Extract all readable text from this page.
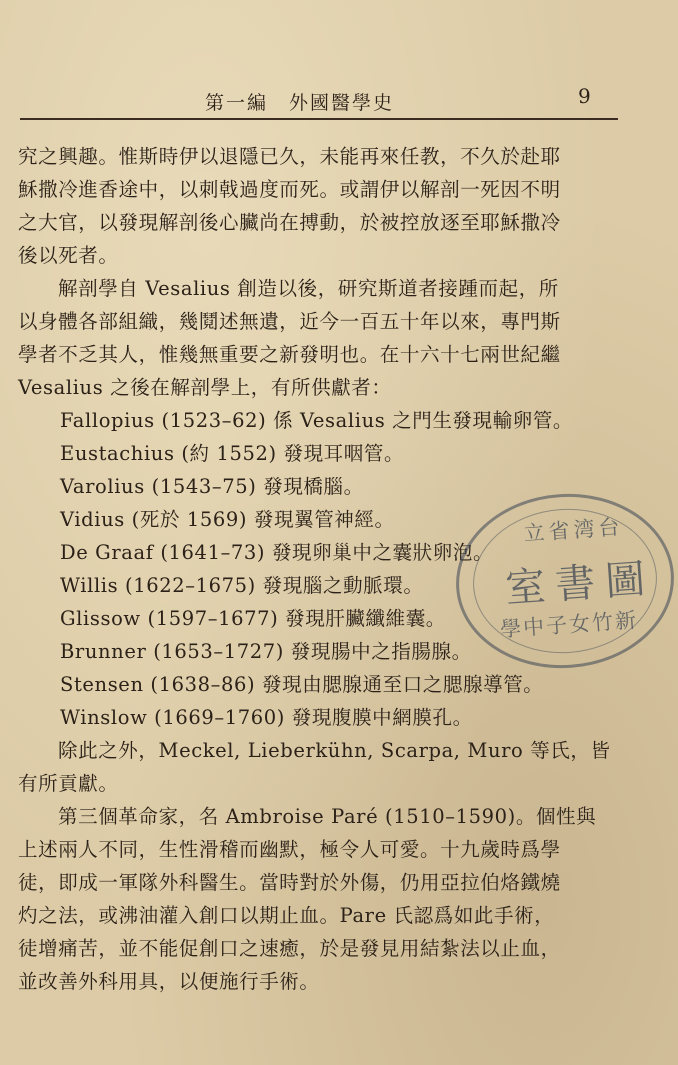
第一編　外國醫學史	9
究之興趣。惟斯時伊以退隱已久，未能再來任教，不久於赴耶
穌撒冷進香途中，以刺戟過度而死。或謂伊以解剖一死因不明
之大官，以發現解剖後心臟尚在搏動，於被控放逐至耶穌撒冷
後以死者。
解剖學自 Vesalius 創造以後，研究斯道者接踵而起，所
以身體各部組織，幾鬩述無遺，近今一百五十年以來，專門斯
學者不乏其人，惟幾無重要之新發明也。在十六十七兩世紀繼
Vesalius 之後在解剖學上，有所供獻者：
Fallopius (1523–62) 係 Vesalius 之門生發現輸卵管。
Eustachius (約 1552) 發現耳咽管。
Varolius (1543–75) 發現橋腦。
Vidius (死於 1569) 發現翼管神經。
De Graaf (1641–73) 發現卵巢中之囊狀卵泡。
Willis (1622–1675) 發現腦之動脈環。
Glissow (1597–1677) 發現肝臟纖維囊。
Brunner (1653–1727) 發現腸中之指腸腺。
Stensen (1638–86) 發現由腮腺通至口之腮腺導管。
Winslow (1669–1760) 發現腹膜中網膜孔。
除此之外，Meckel, Lieberkühn, Scarpa, Muro 等氏，皆
有所貢獻。
第三個革命家，名 Ambroise Paré (1510–1590)。個性與
上述兩人不同，生性滑稽而幽默，極令人可愛。十九歲時爲學
徒，即成一軍隊外科醫生。當時對於外傷，仍用亞拉伯烙鐵燒
灼之法，或沸油灌入創口以期止血。Pare 氏認爲如此手術，
徒增痛苦，並不能促創口之速癒，於是發見用結紮法以止血，
並改善外科用具，以便施行手術。
立省湾台
室書圖
學中子女竹新
